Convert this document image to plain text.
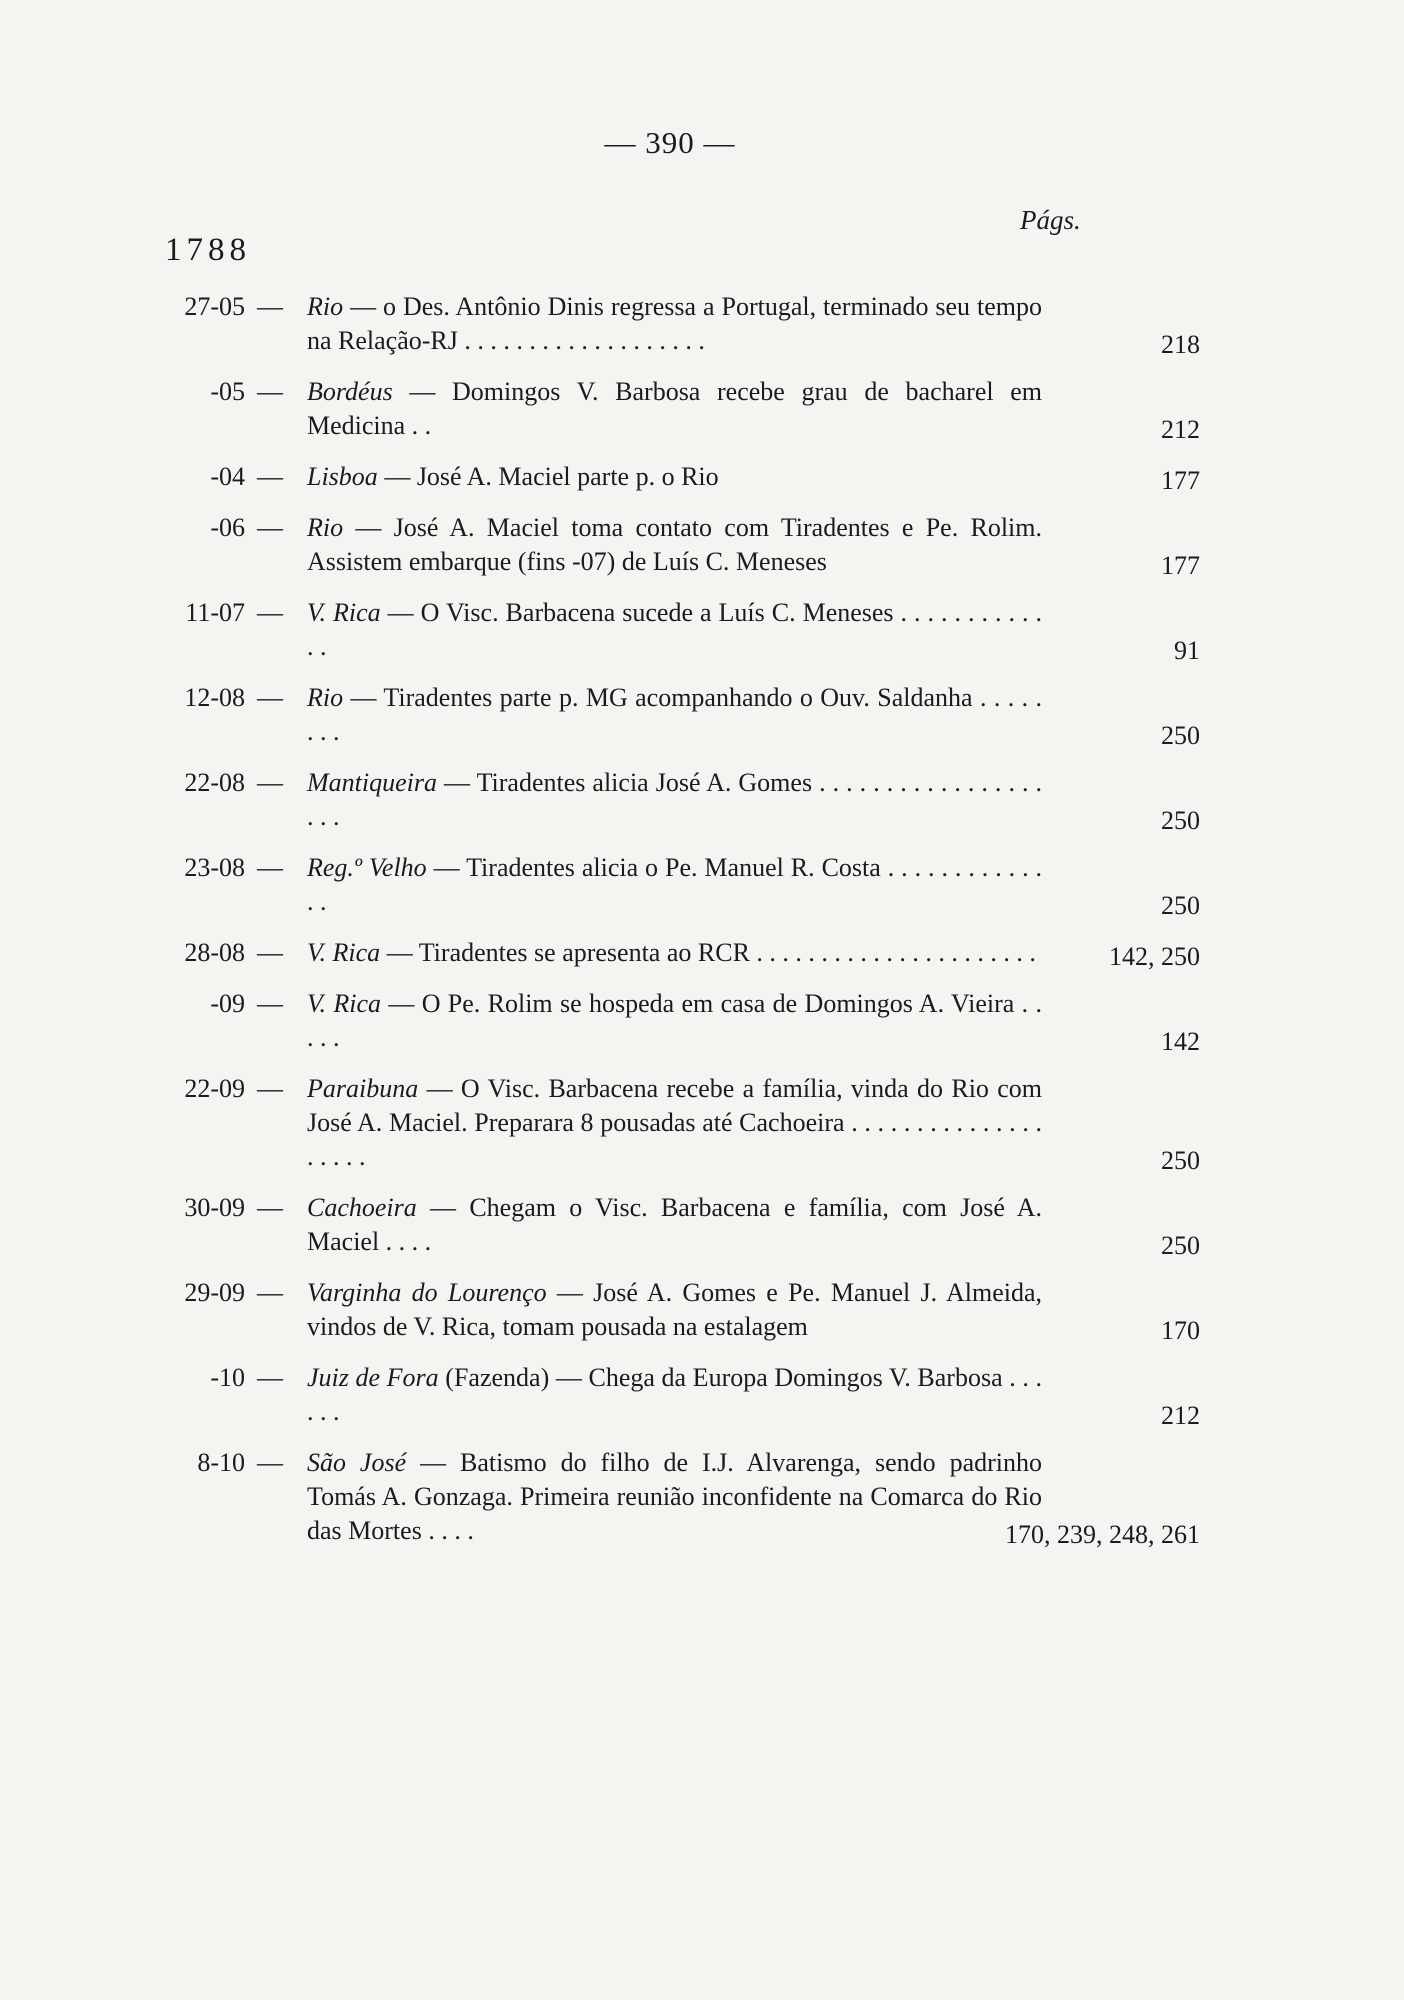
— 390 —
Págs.
1788
27-05 — Rio — o Des. Antônio Dinis regressa a Portugal, terminado seu tempo na Relação-RJ . . . . . . . . . . . . . . . . . . .	218
-05 — Bordéus — Domingos V. Barbosa recebe grau de bacharel em Medicina . .	212
-04 — Lisboa — José A. Maciel parte p. o Rio	177
-06 — Rio — José A. Maciel toma contato com Tiradentes e Pe. Rolim. Assistem embarque (fins -07) de Luís C. Meneses	177
11-07 — V. Rica — O Visc. Barbacena sucede a Luís C. Meneses . . . . . . . . . . . . .	91
12-08 — Rio — Tiradentes parte p. MG acompanhando o Ouv. Saldanha . . . . . . . .	250
22-08 — Mantiqueira — Tiradentes alicia José A. Gomes . . . . . . . . . . . . . . . . . . . .	250
23-08 — Reg.º Velho — Tiradentes alicia o Pe. Manuel R. Costa . . . . . . . . . . . . . .	250
28-08 — V. Rica — Tiradentes se apresenta ao RCR . . . . . . . . . . . . . . . . . . . . . .	142, 250
-09 — V. Rica — O Pe. Rolim se hospeda em casa de Domingos A. Vieira . . . . .	142
22-09 — Paraibuna — O Visc. Barbacena recebe a família, vinda do Rio com José A. Maciel. Preparara 8 pousadas até Cachoeira . . . . . . . . . . . . . . . . . . . .	250
30-09 — Cachoeira — Chegam o Visc. Barbacena e família, com José A. Maciel . . . .	250
29-09 — Varginha do Lourenço — José A. Gomes e Pe. Manuel J. Almeida, vindos de V. Rica, tomam pousada na estalagem	170
-10 — Juiz de Fora (Fazenda) — Chega da Europa Domingos V. Barbosa . . . . . .	212
8-10 — São José — Batismo do filho de I.J. Alvarenga, sendo padrinho Tomás A. Gonzaga. Primeira reunião inconfidente na Comarca do Rio das Mortes . . . .	170, 239, 248, 261
